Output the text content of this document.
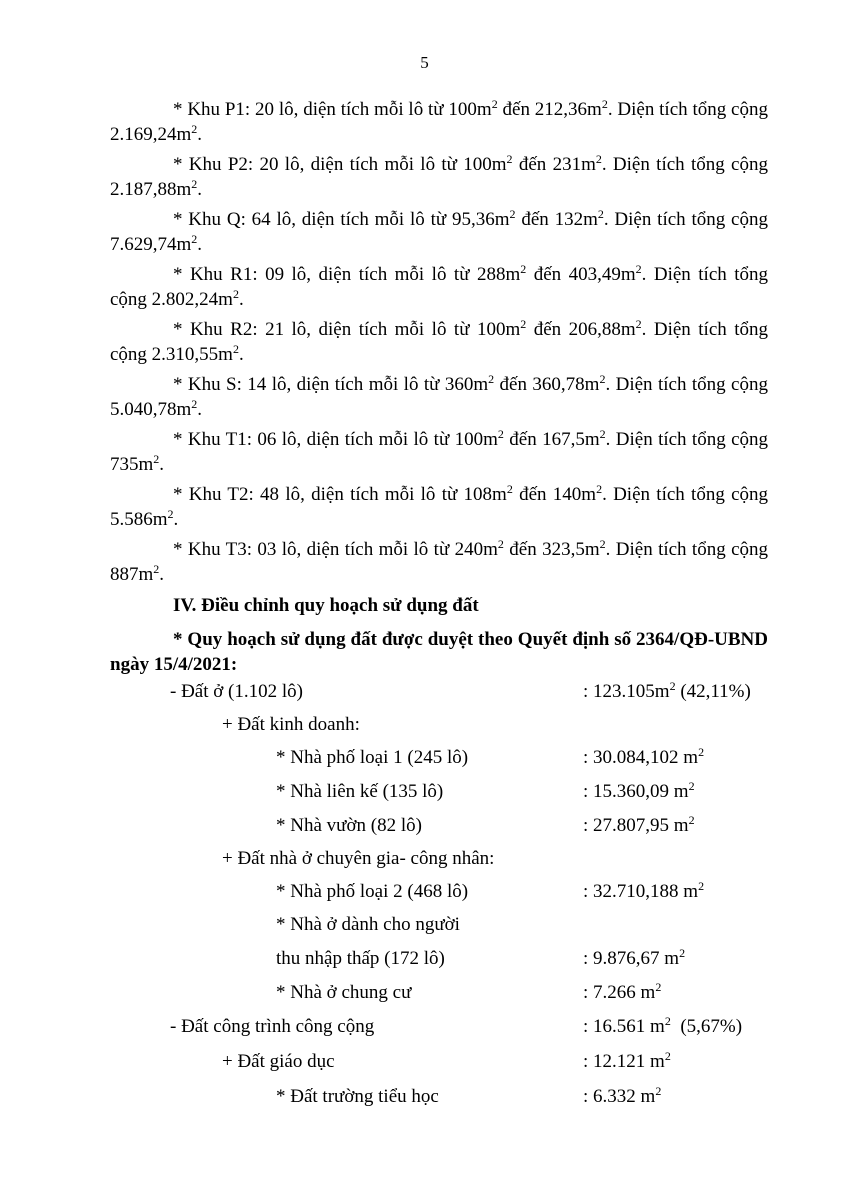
5

* Khu P1: 20 lô, diện tích mỗi lô từ $100m^2$ đến $212,36m^2$. Diện tích tổng cộng $2.169,24m^2$.

* Khu P2: 20 lô, diện tích mỗi lô từ $100m^2$ đến $231m^2$. Diện tích tổng cộng $2.187,88m^2$.

* Khu Q: 64 lô, diện tích mỗi lô từ $95,36m^2$ đến $132m^2$. Diện tích tổng cộng $7.629,74m^2$.

* Khu R1: 09 lô, diện tích mỗi lô từ $288m^2$ đến $403,49m^2$. Diện tích tổng cộng $2.802,24m^2$.

* Khu R2: 21 lô, diện tích mỗi lô từ $100m^2$ đến $206,88m^2$. Diện tích tổng cộng $2.310,55m^2$.

* Khu S: 14 lô, diện tích mỗi lô từ $360m^2$ đến $360,78m^2$. Diện tích tổng cộng $5.040,78m^2$.

* Khu T1: 06 lô, diện tích mỗi lô từ $100m^2$ đến $167,5m^2$. Diện tích tổng cộng $735m^2$.

* Khu T2: 48 lô, diện tích mỗi lô từ $108m^2$ đến $140m^2$. Diện tích tổng cộng $5.586m^2$.

* Khu T3: 03 lô, diện tích mỗi lô từ $240m^2$ đến $323,5m^2$. Diện tích tổng cộng $887m^2$.

IV. Điều chỉnh quy hoạch sử dụng đất

* Quy hoạch sử dụng đất được duyệt theo Quyết định số 2364/QĐ-UBND ngày 15/4/2021:

- Đất ở (1.102 lô)	: $123.105m^2$ (42,11%)
+ Đất kinh doanh:
* Nhà phố loại 1 (245 lô)	: 30.084,102 $m^2$
* Nhà liên kế (135 lô)	: 15.360,09 $m^2$
* Nhà vườn (82 lô)	: 27.807,95 $m^2$
+ Đất nhà ở chuyên gia- công nhân:
* Nhà phố loại 2 (468 lô)	: 32.710,188 $m^2$
* Nhà ở dành cho người
thu nhập thấp (172 lô)	: 9.876,67 $m^2$
* Nhà ở chung cư	: 7.266 $m^2$
- Đất công trình công cộng	: 16.561 $m^2$  (5,67%)
+ Đất giáo dục	: 12.121 $m^2$
* Đất trường tiểu học	: 6.332 $m^2$
